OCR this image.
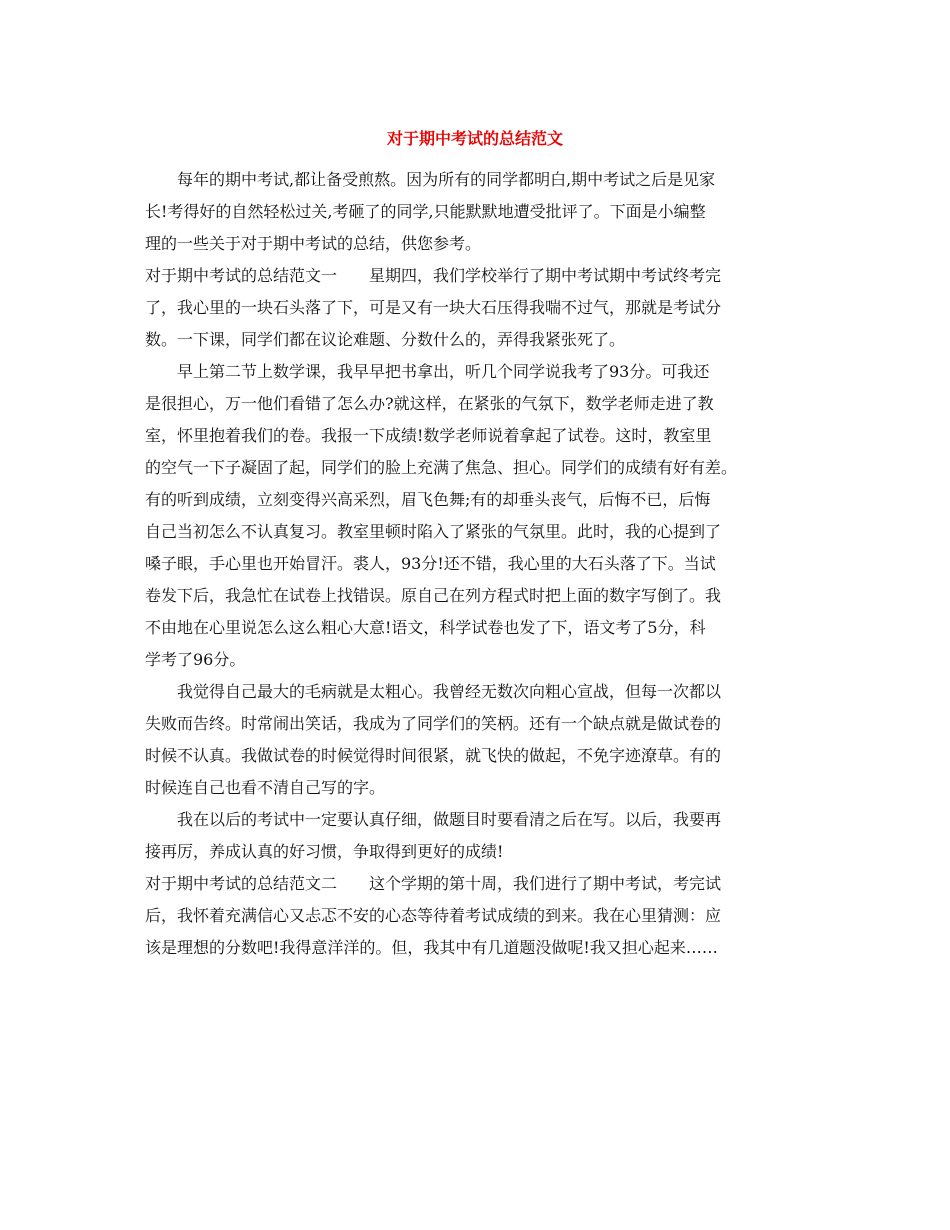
对于期中考试的总结范文
每年的期中考试,都让备受煎熬。因为所有的同学都明白,期中考试之后是见家
长!考得好的自然轻松过关,考砸了的同学,只能默默地遭受批评了。下面是小编整
理的一些关于对于期中考试的总结，供您参考。
对于期中考试的总结范文一　　星期四，我们学校举行了期中考试期中考试终考完
了，我心里的一块石头落了下，可是又有一块大石压得我喘不过气，那就是考试分
数。一下课，同学们都在议论难题、分数什么的，弄得我紧张死了。
早上第二节上数学课，我早早把书拿出，听几个同学说我考了93分。可我还
是很担心，万一他们看错了怎么办?就这样，在紧张的气氛下，数学老师走进了教
室，怀里抱着我们的卷。我报一下成绩!数学老师说着拿起了试卷。这时，教室里
的空气一下子凝固了起，同学们的脸上充满了焦急、担心。同学们的成绩有好有差。
有的听到成绩，立刻变得兴高采烈，眉飞色舞;有的却垂头丧气，后悔不已，后悔
自己当初怎么不认真复习。教室里顿时陷入了紧张的气氛里。此时，我的心提到了
嗓子眼，手心里也开始冒汗。裘人，93分!还不错，我心里的大石头落了下。当试
卷发下后，我急忙在试卷上找错误。原自己在列方程式时把上面的数字写倒了。我
不由地在心里说怎么这么粗心大意!语文，科学试卷也发了下，语文考了5分，科
学考了96分。
我觉得自己最大的毛病就是太粗心。我曾经无数次向粗心宣战，但每一次都以
失败而告终。时常闹出笑话，我成为了同学们的笑柄。还有一个缺点就是做试卷的
时候不认真。我做试卷的时候觉得时间很紧，就飞快的做起，不免字迹潦草。有的
时候连自己也看不清自己写的字。
我在以后的考试中一定要认真仔细，做题目时要看清之后在写。以后，我要再
接再厉，养成认真的好习惯，争取得到更好的成绩!
对于期中考试的总结范文二　　这个学期的第十周，我们进行了期中考试，考完试
后，我怀着充满信心又忐忑不安的心态等待着考试成绩的到来。我在心里猜测：应
该是理想的分数吧!我得意洋洋的。但，我其中有几道题没做呢!我又担心起来……
